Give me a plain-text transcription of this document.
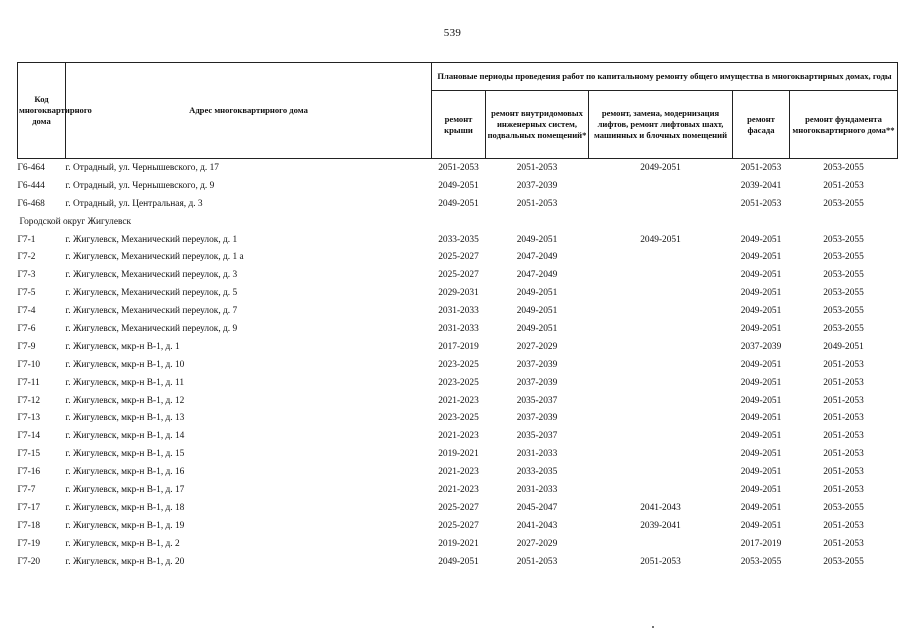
539
Код многоквартирного дома	Адрес многоквартирного дома	Плановые периоды проведения работ по капитальному ремонту общего имущества в многоквартирных домах, годы				
		ремонт крыши	ремонт внутридомовых инженерных систем, подвальных помещений*	ремонт, замена, модернизация лифтов, ремонт лифтовых шахт, машинных и блочных помещений	ремонт фасада	ремонт фундамента многоквартирного дома**
Г6-464	г. Отрадный, ул. Чернышевского, д. 17	2051-2053	2051-2053	2049-2051	2051-2053	2053-2055
Г6-444	г. Отрадный, ул. Чернышевского, д. 9	2049-2051	2037-2039		2039-2041	2051-2053
Г6-468	г. Отрадный, ул. Центральная, д. 3	2049-2051	2051-2053		2051-2053	2053-2055
Городской округ Жигулевск						
Г7-1	г. Жигулевск, Механический переулок, д. 1	2033-2035	2049-2051	2049-2051	2049-2051	2053-2055
Г7-2	г. Жигулевск, Механический переулок, д. 1 а	2025-2027	2047-2049		2049-2051	2053-2055
Г7-3	г. Жигулевск, Механический переулок, д. 3	2025-2027	2047-2049		2049-2051	2053-2055
Г7-5	г. Жигулевск, Механический переулок, д. 5	2029-2031	2049-2051		2049-2051	2053-2055
Г7-4	г. Жигулевск, Механический переулок, д. 7	2031-2033	2049-2051		2049-2051	2053-2055
Г7-6	г. Жигулевск, Механический переулок, д. 9	2031-2033	2049-2051		2049-2051	2053-2055
Г7-9	г. Жигулевск, мкр-н В-1, д. 1	2017-2019	2027-2029		2037-2039	2049-2051
Г7-10	г. Жигулевск, мкр-н В-1, д. 10	2023-2025	2037-2039		2049-2051	2051-2053
Г7-11	г. Жигулевск, мкр-н В-1, д. 11	2023-2025	2037-2039		2049-2051	2051-2053
Г7-12	г. Жигулевск, мкр-н В-1, д. 12	2021-2023	2035-2037		2049-2051	2051-2053
Г7-13	г. Жигулевск, мкр-н В-1, д. 13	2023-2025	2037-2039		2049-2051	2051-2053
Г7-14	г. Жигулевск, мкр-н В-1, д. 14	2021-2023	2035-2037		2049-2051	2051-2053
Г7-15	г. Жигулевск, мкр-н В-1, д. 15	2019-2021	2031-2033		2049-2051	2051-2053
Г7-16	г. Жигулевск, мкр-н В-1, д. 16	2021-2023	2033-2035		2049-2051	2051-2053
Г7-7	г. Жигулевск, мкр-н В-1, д. 17	2021-2023	2031-2033		2049-2051	2051-2053
Г7-17	г. Жигулевск, мкр-н В-1, д. 18	2025-2027	2045-2047	2041-2043	2049-2051	2053-2055
Г7-18	г. Жигулевск, мкр-н В-1, д. 19	2025-2027	2041-2043	2039-2041	2049-2051	2051-2053
Г7-19	г. Жигулевск, мкр-н В-1, д. 2	2019-2021	2027-2029		2017-2019	2051-2053
Г7-20	г. Жигулевск, мкр-н В-1, д. 20	2049-2051	2051-2053	2051-2053	2053-2055	2053-2055
